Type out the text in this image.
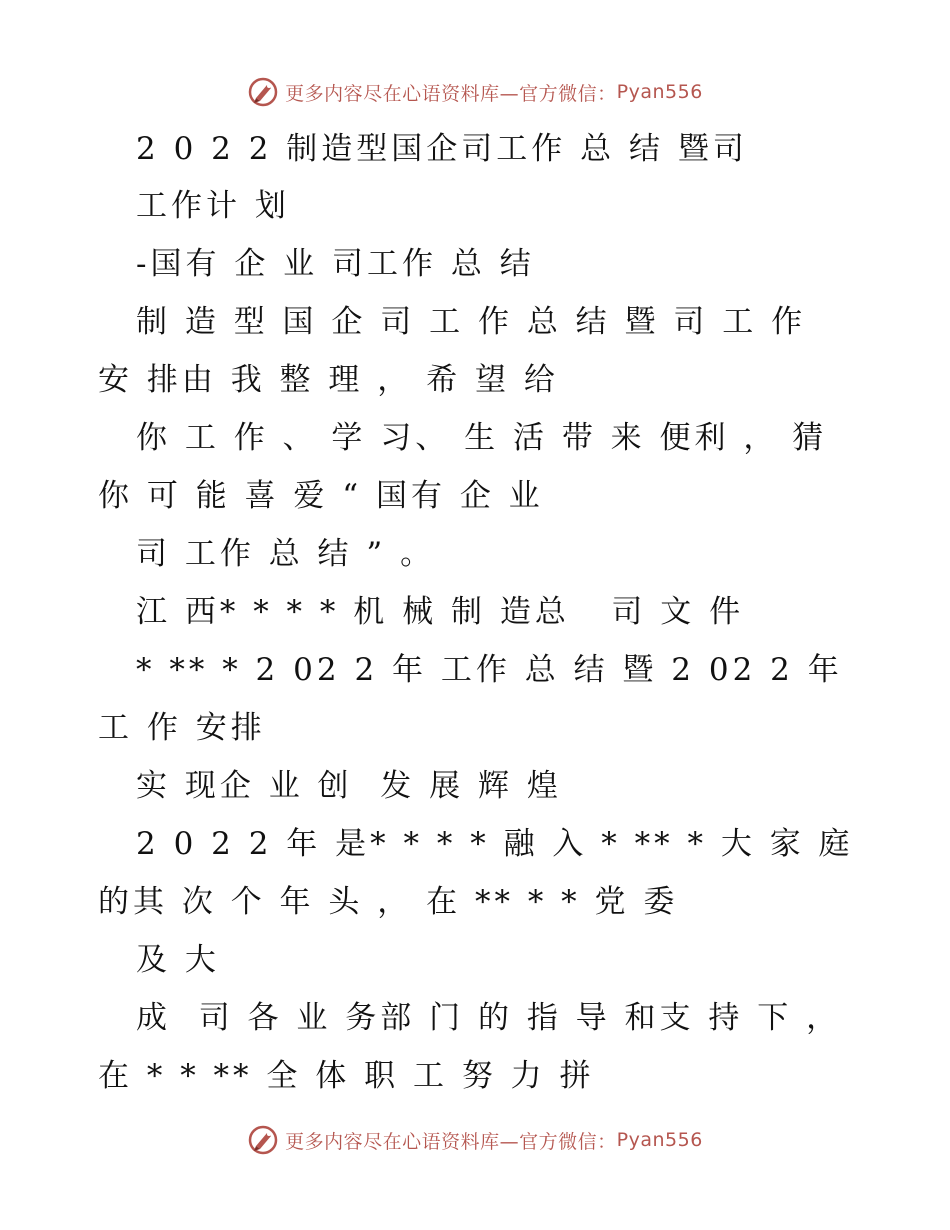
更多内容尽在心语资料库—官方微信： Pyan556
2 0 2 2 制造型国企司工作 总 结 暨司
工作计 划
-国有 企 业 司工作 总 结
制 造 型 国 企 司 工 作 总 结 暨 司 工 作
安 排由 我 整 理 ， 希 望 给
你 工 作 、 学 习、 生 活 带 来 便利 ， 猜
你 可 能 喜 爱 “ 国有 企 业
司 工作 总 结 ” 。
江 西* * * * 机 械 制 造总   司 文 件
* ** * 2 02 2 年 工作 总 结 暨 2 02 2 年
工 作 安排
实 现企 业 创  发 展 辉 煌
2 0 2 2 年 是* * * * 融 入 * ** * 大 家 庭
的其 次 个 年 头 ， 在 ** * * 党 委
及 大
成  司 各 业 务部 门 的 指 导 和支 持 下 ，
在 * * ** 全 体 职 工 努 力 拼
更多内容尽在心语资料库—官方微信： Pyan556
